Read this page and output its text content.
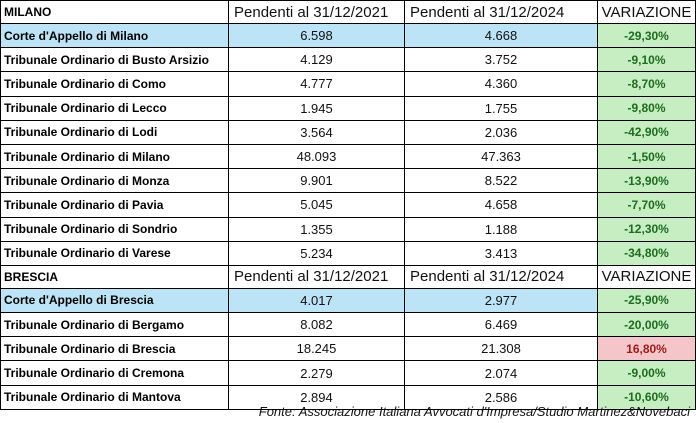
MILANO	Pendenti al 31/12/2021	Pendenti al 31/12/2024	VARIAZIONE
Corte d'Appello di Milano	6.598	4.668	-29,30%
Tribunale Ordinario di Busto Arsizio	4.129	3.752	-9,10%
Tribunale Ordinario di Como	4.777	4.360	-8,70%
Tribunale Ordinario di Lecco	1.945	1.755	-9,80%
Tribunale Ordinario di Lodi	3.564	2.036	-42,90%
Tribunale Ordinario di Milano	48.093	47.363	-1,50%
Tribunale Ordinario di Monza	9.901	8.522	-13,90%
Tribunale Ordinario di Pavia	5.045	4.658	-7,70%
Tribunale Ordinario di Sondrio	1.355	1.188	-12,30%
Tribunale Ordinario di Varese	5.234	3.413	-34,80%
BRESCIA	Pendenti al 31/12/2021	Pendenti al 31/12/2024	VARIAZIONE
Corte d'Appello di Brescia	4.017	2.977	-25,90%
Tribunale Ordinario di Bergamo	8.082	6.469	-20,00%
Tribunale Ordinario di Brescia	18.245	21.308	16,80%
Tribunale Ordinario di Cremona	2.279	2.074	-9,00%
Tribunale Ordinario di Mantova	2.894	2.586	-10,60%
Fonte: Associazione Italiana Avvocati d'Impresa/Studio Martinez&Novebaci
